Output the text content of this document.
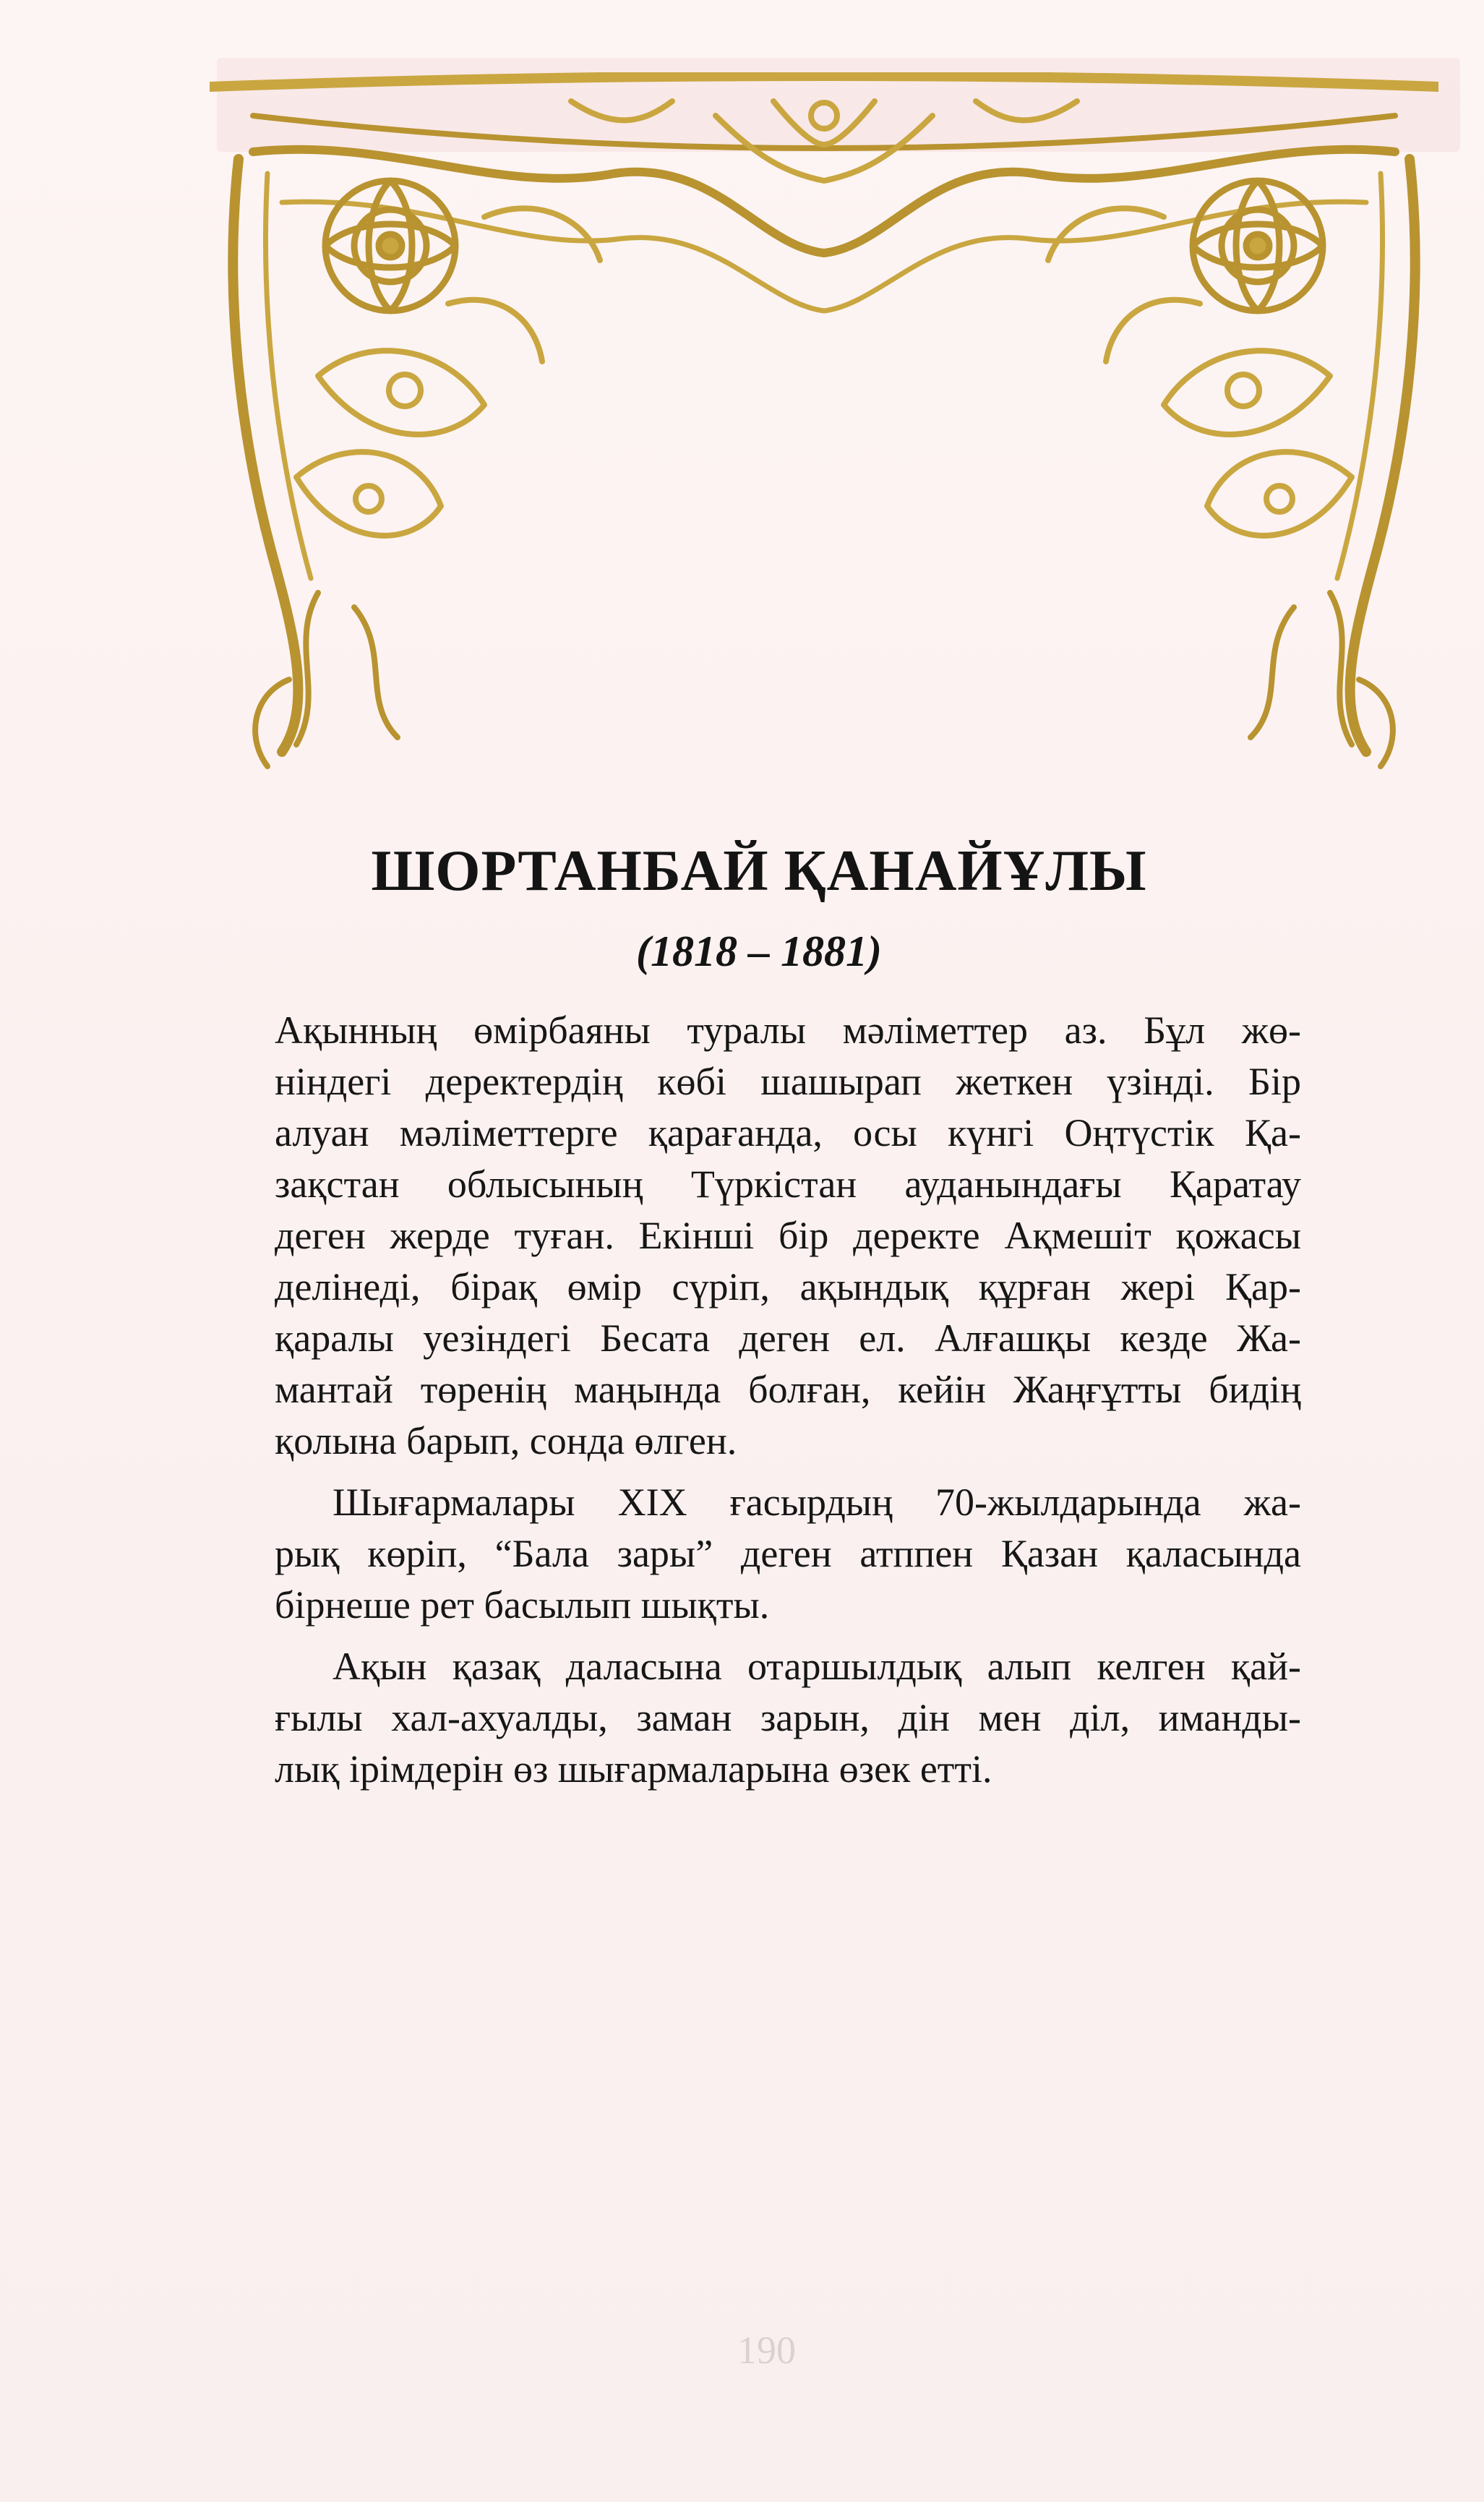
ШОРТАНБАЙ ҚАНАЙҰЛЫ
(1818 – 1881)
Ақынның өмірбаяны туралы мәліметтер аз. Бұл жө-
ніндегі деректердің көбі шашырап жеткен үзінді. Бір
алуан мәліметтерге қарағанда, осы күнгі Оңтүстік Қа-
зақстан облысының Түркістан ауданындағы Қаратау
деген жерде туған. Екінші бір деректе Ақмешіт қожасы
делінеді, бірақ өмір сүріп, ақындық құрған жері Қар-
қаралы уезіндегі Бесата деген ел. Алғашқы кезде Жа-
мантай төренің маңында болған, кейін Жаңғұтты бидің
қолына барып, сонда өлген.
Шығармалары XIX ғасырдың 70-жылдарында жа-
рық көріп, “Бала зары” деген атппен Қазан қаласында
бірнеше рет басылып шықты.
Ақын қазақ даласына отаршылдық алып келген қай-
ғылы хал-ахуалды, заман зарын, дін мен діл, иманды-
лық ірімдерін өз шығармаларына өзек етті.
190
